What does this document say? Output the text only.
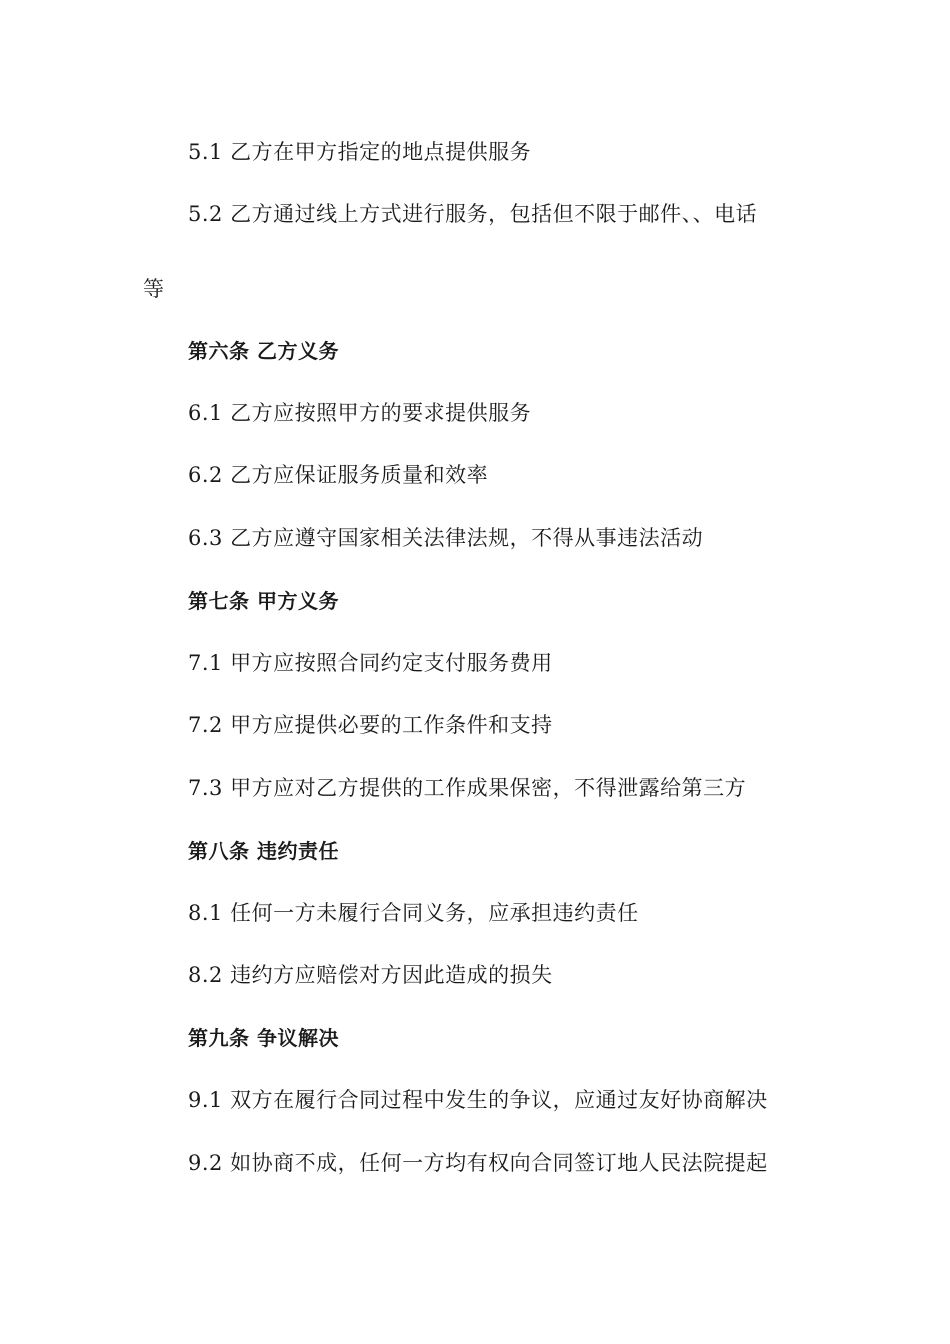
5.1 乙方在甲方指定的地点提供服务
5.2 乙方通过线上方式进行服务，包括但不限于邮件、、电话
等
第六条 乙方义务
6.1 乙方应按照甲方的要求提供服务
6.2 乙方应保证服务质量和效率
6.3 乙方应遵守国家相关法律法规，不得从事违法活动
第七条 甲方义务
7.1 甲方应按照合同约定支付服务费用
7.2 甲方应提供必要的工作条件和支持
7.3 甲方应对乙方提供的工作成果保密，不得泄露给第三方
第八条 违约责任
8.1 任何一方未履行合同义务，应承担违约责任
8.2 违约方应赔偿对方因此造成的损失
第九条 争议解决
9.1 双方在履行合同过程中发生的争议，应通过友好协商解决
9.2 如协商不成，任何一方均有权向合同签订地人民法院提起
